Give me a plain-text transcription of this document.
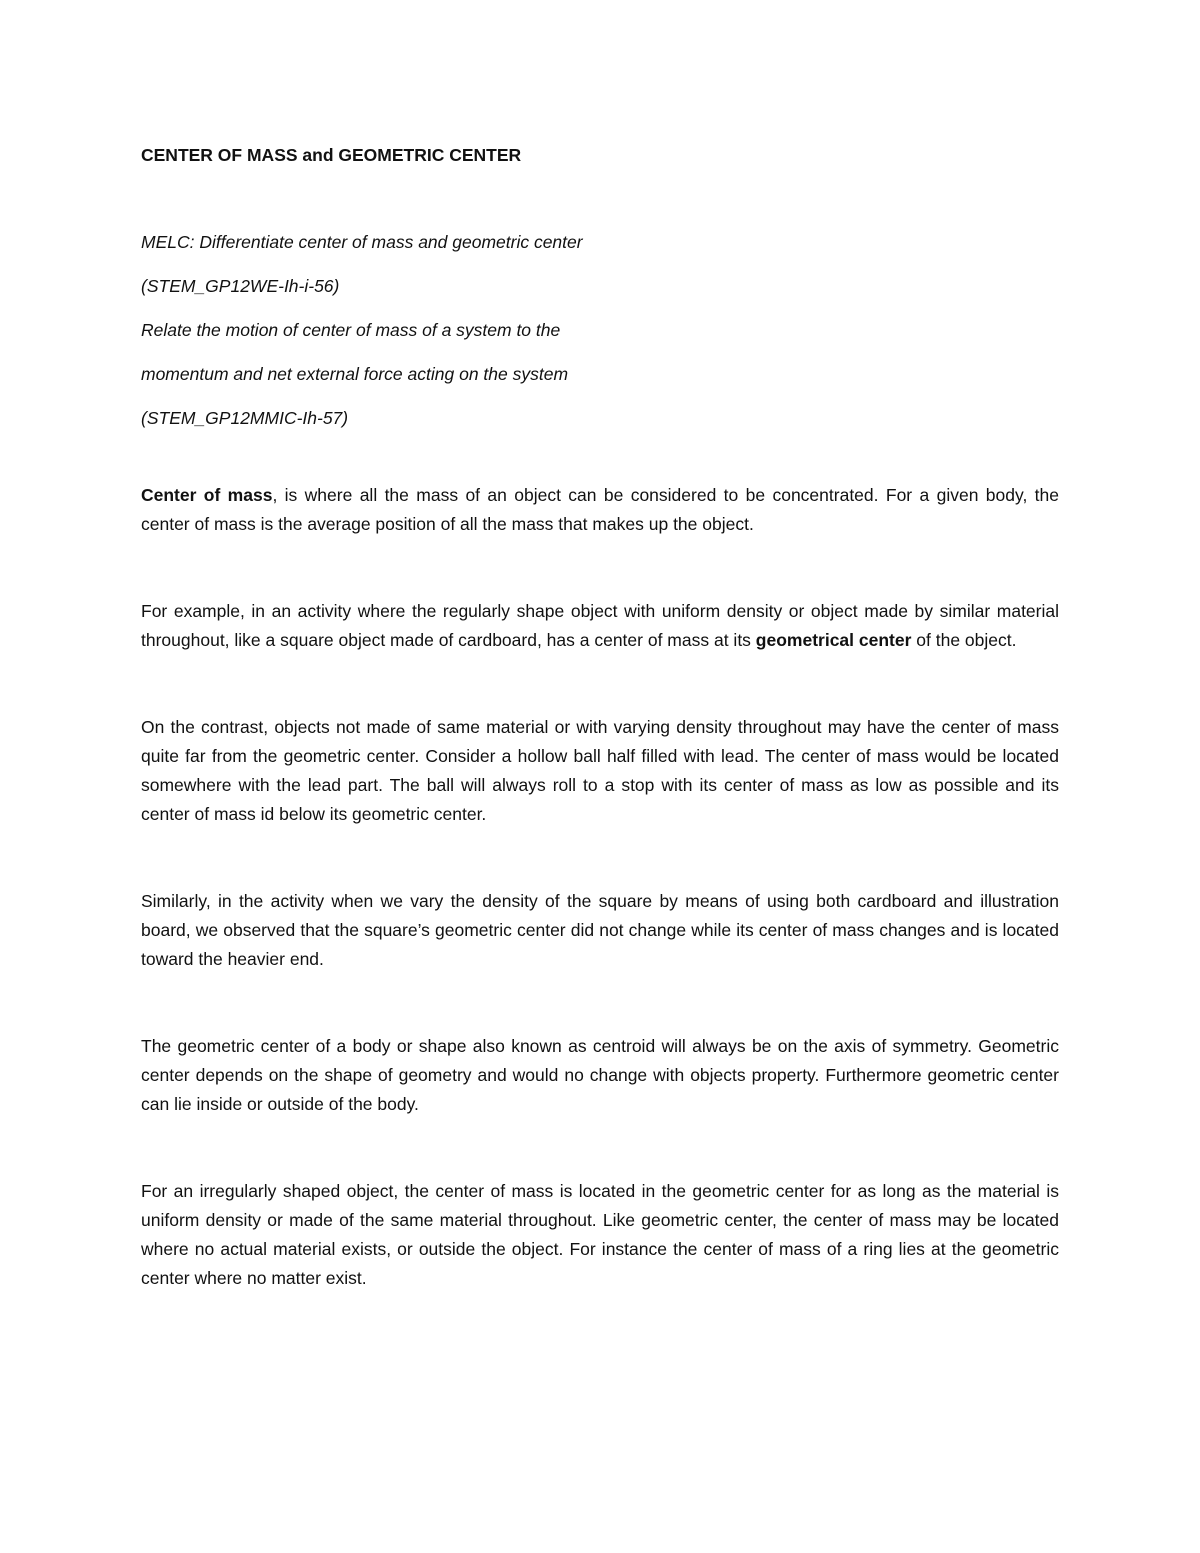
CENTER OF MASS and GEOMETRIC CENTER

MELC: Differentiate center of mass and geometric center

(STEM_GP12WE-Ih-i-56)

Relate the motion of center of mass of a system to the

momentum and net external force acting on the system

(STEM_GP12MMIC-Ih-57)

Center of mass, is where all the mass of an object can be considered to be concentrated. For a given body, the center of mass is the average position of all the mass that makes up the object.

For example, in an activity where the regularly shape object with uniform density or object made by similar material throughout, like a square object made of cardboard, has a center of mass at its geometrical center of the object.

On the contrast, objects not made of same material or with varying density throughout may have the center of mass quite far from the geometric center. Consider a hollow ball half filled with lead. The center of mass would be located somewhere with the lead part. The ball will always roll to a stop with its center of mass as low as possible and its center of mass id below its geometric center.

Similarly, in the activity when we vary the density of the square by means of using both cardboard and illustration board, we observed that the square’s geometric center did not change while its center of mass changes and is located toward the heavier end.

The geometric center of a body or shape also known as centroid will always be on the axis of symmetry. Geometric center depends on the shape of geometry and would no change with objects property. Furthermore geometric center can lie inside or outside of the body.

For an irregularly shaped object, the center of mass is located in the geometric center for as long as the material is uniform density or made of the same material throughout. Like geometric center, the center of mass may be located where no actual material exists, or outside the object. For instance the center of mass of a ring lies at the geometric center where no matter exist.
